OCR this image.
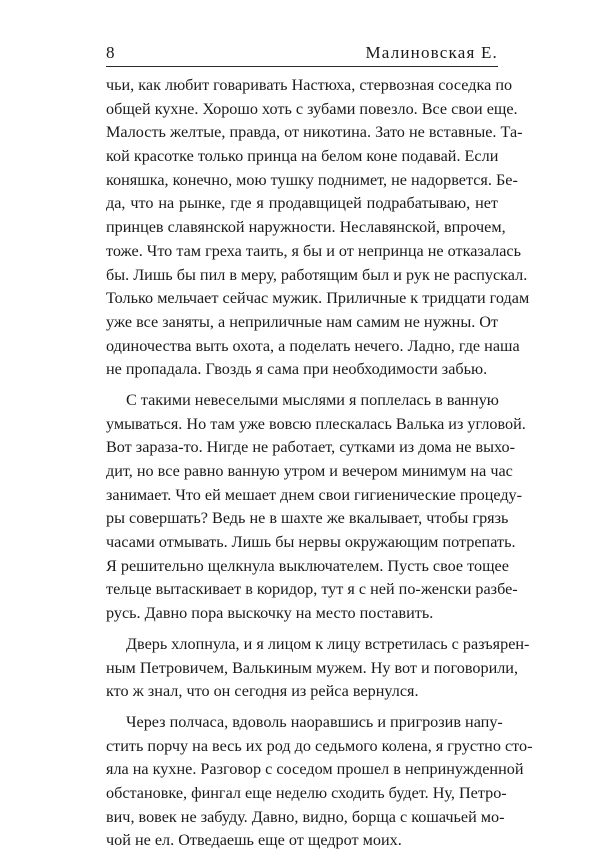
8	Малиновская Е.
чьи, как любит говаривать Настюха, стервозная соседка по
общей кухне. Хорошо хоть с зубами повезло. Все свои еще.
Малость желтые, правда, от никотина. Зато не вставные. Та-
кой красотке только принца на белом коне подавай. Если
коняшка, конечно, мою тушку поднимет, не надорвется. Бе-
да, что на рынке, где я продавщицей подрабатываю, нет
принцев славянской наружности. Неславянской, впрочем,
тоже. Что там греха таить, я бы и от непринца не отказалась
бы. Лишь бы пил в меру, работящим был и рук не распускал.
Только мельчает сейчас мужик. Приличные к тридцати годам
уже все заняты, а неприличные нам самим не нужны. От
одиночества выть охота, а поделать нечего. Ладно, где наша
не пропадала. Гвоздь я сама при необходимости забью.
С такими невеселыми мыслями я поплелась в ванную
умываться. Но там уже вовсю плескалась Валька из угловой.
Вот зараза-то. Нигде не работает, сутками из дома не выхо-
дит, но все равно ванную утром и вечером минимум на час
занимает. Что ей мешает днем свои гигиенические процеду-
ры совершать? Ведь не в шахте же вкалывает, чтобы грязь
часами отмывать. Лишь бы нервы окружающим потрепать.
Я решительно щелкнула выключателем. Пусть свое тощее
тельце вытаскивает в коридор, тут я с ней по-женски разбе-
русь. Давно пора выскочку на место поставить.
Дверь хлопнула, и я лицом к лицу встретилась с разъярен-
ным Петровичем, Валькиным мужем. Ну вот и поговорили,
кто ж знал, что он сегодня из рейса вернулся.
Через полчаса, вдоволь наоравшись и пригрозив напу-
стить порчу на весь их род до седьмого колена, я грустно сто-
яла на кухне. Разговор с соседом прошел в непринужденной
обстановке, фингал еще неделю сходить будет. Ну, Петро-
вич, вовек не забуду. Давно, видно, борща с кошачьей мо-
чой не ел. Отведаешь еще от щедрот моих.
